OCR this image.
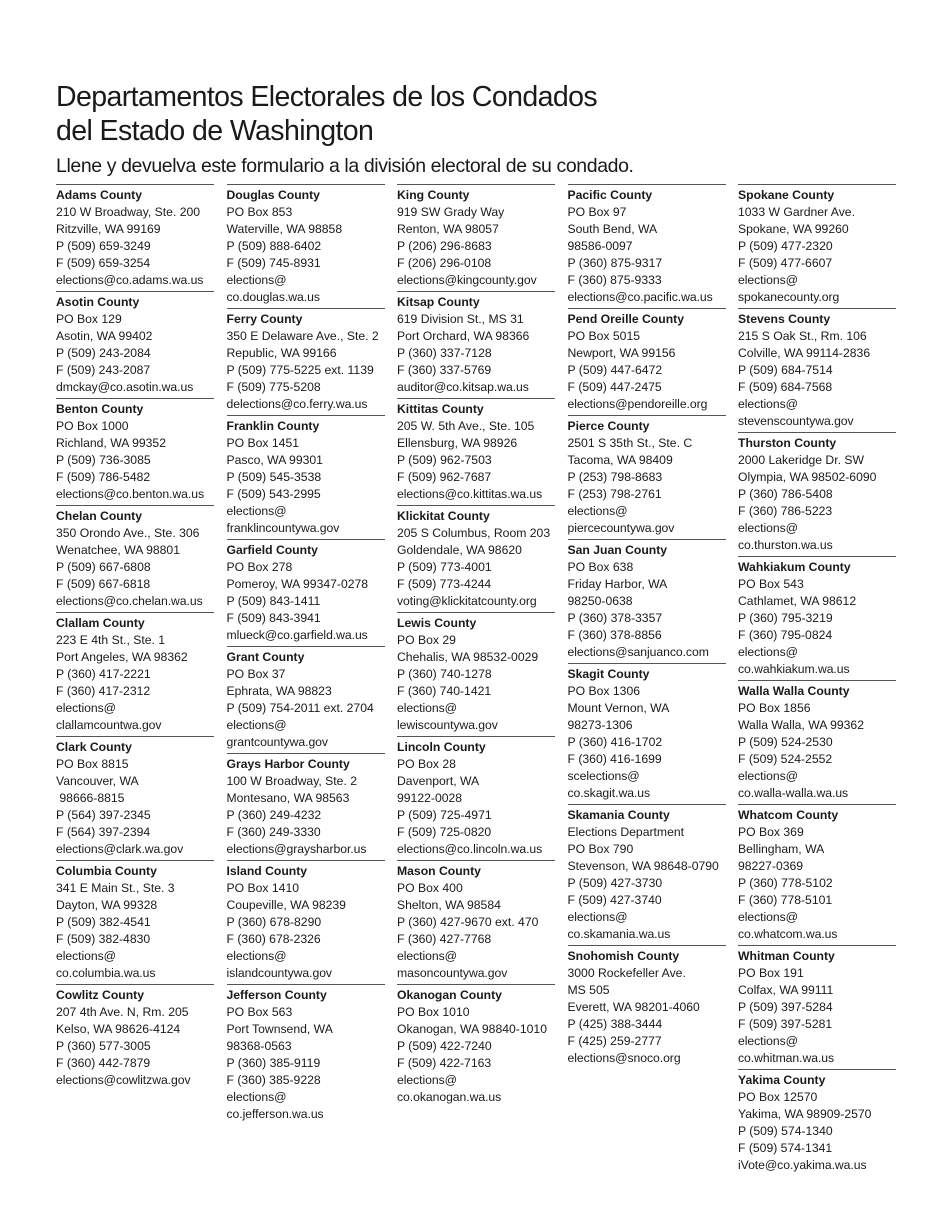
Departamentos Electorales de los Condados
del Estado de Washington
Llene y devuelva este formulario a la división electoral de su condado.
Adams County
210 W Broadway, Ste. 200
Ritzville, WA 99169
P (509) 659-3249
F (509) 659-3254
elections@co.adams.wa.us
Asotin County
PO Box 129
Asotin, WA 99402
P (509) 243-2084
F (509) 243-2087
dmckay@co.asotin.wa.us
Benton County
PO Box 1000
Richland, WA 99352
P (509) 736-3085
F (509) 786-5482
elections@co.benton.wa.us
Chelan County
350 Orondo Ave., Ste. 306
Wenatchee, WA 98801
P (509) 667-6808
F (509) 667-6818
elections@co.chelan.wa.us
Clallam County
223 E 4th St., Ste. 1
Port Angeles, WA 98362
P (360) 417-2221
F (360) 417-2312
elections@
clallamcountwa.gov
Clark County
PO Box 8815
Vancouver, WA
98666-8815
P (564) 397-2345
F (564) 397-2394
elections@clark.wa.gov
Columbia County
341 E Main St., Ste. 3
Dayton, WA 99328
P (509) 382-4541
F (509) 382-4830
elections@
co.columbia.wa.us
Cowlitz County
207 4th Ave. N, Rm. 205
Kelso, WA 98626-4124
P (360) 577-3005
F (360) 442-7879
elections@cowlitzwa.gov
Douglas County
PO Box 853
Waterville, WA 98858
P (509) 888-6402
F (509) 745-8931
elections@
co.douglas.wa.us
Ferry County
350 E Delaware Ave., Ste. 2
Republic, WA 99166
P (509) 775-5225 ext. 1139
F (509) 775-5208
delections@co.ferry.wa.us
Franklin County
PO Box 1451
Pasco, WA 99301
P (509) 545-3538
F (509) 543-2995
elections@
franklincountywa.gov
Garfield County
PO Box 278
Pomeroy, WA 99347-0278
P (509) 843-1411
F (509) 843-3941
mlueck@co.garfield.wa.us
Grant County
PO Box 37
Ephrata, WA 98823
P (509) 754-2011 ext. 2704
elections@
grantcountywa.gov
Grays Harbor County
100 W Broadway, Ste. 2
Montesano, WA 98563
P (360) 249-4232
F (360) 249-3330
elections@graysharbor.us
Island County
PO Box 1410
Coupeville, WA 98239
P (360) 678-8290
F (360) 678-2326
elections@
islandcountywa.gov
Jefferson County
PO Box 563
Port Townsend, WA
98368-0563
P (360) 385-9119
F (360) 385-9228
elections@
co.jefferson.wa.us
King County
919 SW Grady Way
Renton, WA 98057
P (206) 296-8683
F (206) 296-0108
elections@kingcounty.gov
Kitsap County
619 Division St., MS 31
Port Orchard, WA 98366
P (360) 337-7128
F (360) 337-5769
auditor@co.kitsap.wa.us
Kittitas County
205 W. 5th Ave., Ste. 105
Ellensburg, WA 98926
P (509) 962-7503
F (509) 962-7687
elections@co.kittitas.wa.us
Klickitat County
205 S Columbus, Room 203
Goldendale, WA 98620
P (509) 773-4001
F (509) 773-4244
voting@klickitatcounty.org
Lewis County
PO Box 29
Chehalis, WA 98532-0029
P (360) 740-1278
F (360) 740-1421
elections@
lewiscountywa.gov
Lincoln County
PO Box 28
Davenport, WA
99122-0028
P (509) 725-4971
F (509) 725-0820
elections@co.lincoln.wa.us
Mason County
PO Box 400
Shelton, WA 98584
P (360) 427-9670 ext. 470
F (360) 427-7768
elections@
masoncountywa.gov
Okanogan County
PO Box 1010
Okanogan, WA 98840-1010
P (509) 422-7240
F (509) 422-7163
elections@
co.okanogan.wa.us
Pacific County
PO Box 97
South Bend, WA
98586-0097
P (360) 875-9317
F (360) 875-9333
elections@co.pacific.wa.us
Pend Oreille County
PO Box 5015
Newport, WA 99156
P (509) 447-6472
F (509) 447-2475
elections@pendoreille.org
Pierce County
2501 S 35th St., Ste. C
Tacoma, WA 98409
P (253) 798-8683
F (253) 798-2761
elections@
piercecountywa.gov
San Juan County
PO Box 638
Friday Harbor, WA
98250-0638
P (360) 378-3357
F (360) 378-8856
elections@sanjuanco.com
Skagit County
PO Box 1306
Mount Vernon, WA
98273-1306
P (360) 416-1702
F (360) 416-1699
scelections@
co.skagit.wa.us
Skamania County
Elections Department
PO Box 790
Stevenson, WA 98648-0790
P (509) 427-3730
F (509) 427-3740
elections@
co.skamania.wa.us
Snohomish County
3000 Rockefeller Ave.
MS 505
Everett, WA 98201-4060
P (425) 388-3444
F (425) 259-2777
elections@snoco.org
Spokane County
1033 W Gardner Ave.
Spokane, WA 99260
P (509) 477-2320
F (509) 477-6607
elections@
spokanecounty.org
Stevens County
215 S Oak St., Rm. 106
Colville, WA 99114-2836
P (509) 684-7514
F (509) 684-7568
elections@
stevenscountywa.gov
Thurston County
2000 Lakeridge Dr. SW
Olympia, WA 98502-6090
P (360) 786-5408
F (360) 786-5223
elections@
co.thurston.wa.us
Wahkiakum County
PO Box 543
Cathlamet, WA 98612
P (360) 795-3219
F (360) 795-0824
elections@
co.wahkiakum.wa.us
Walla Walla County
PO Box 1856
Walla Walla, WA 99362
P (509) 524-2530
F (509) 524-2552
elections@
co.walla-walla.wa.us
Whatcom County
PO Box 369
Bellingham, WA
98227-0369
P (360) 778-5102
F (360) 778-5101
elections@
co.whatcom.wa.us
Whitman County
PO Box 191
Colfax, WA 99111
P (509) 397-5284
F (509) 397-5281
elections@
co.whitman.wa.us
Yakima County
PO Box 12570
Yakima, WA 98909-2570
P (509) 574-1340
F (509) 574-1341
iVote@co.yakima.wa.us
